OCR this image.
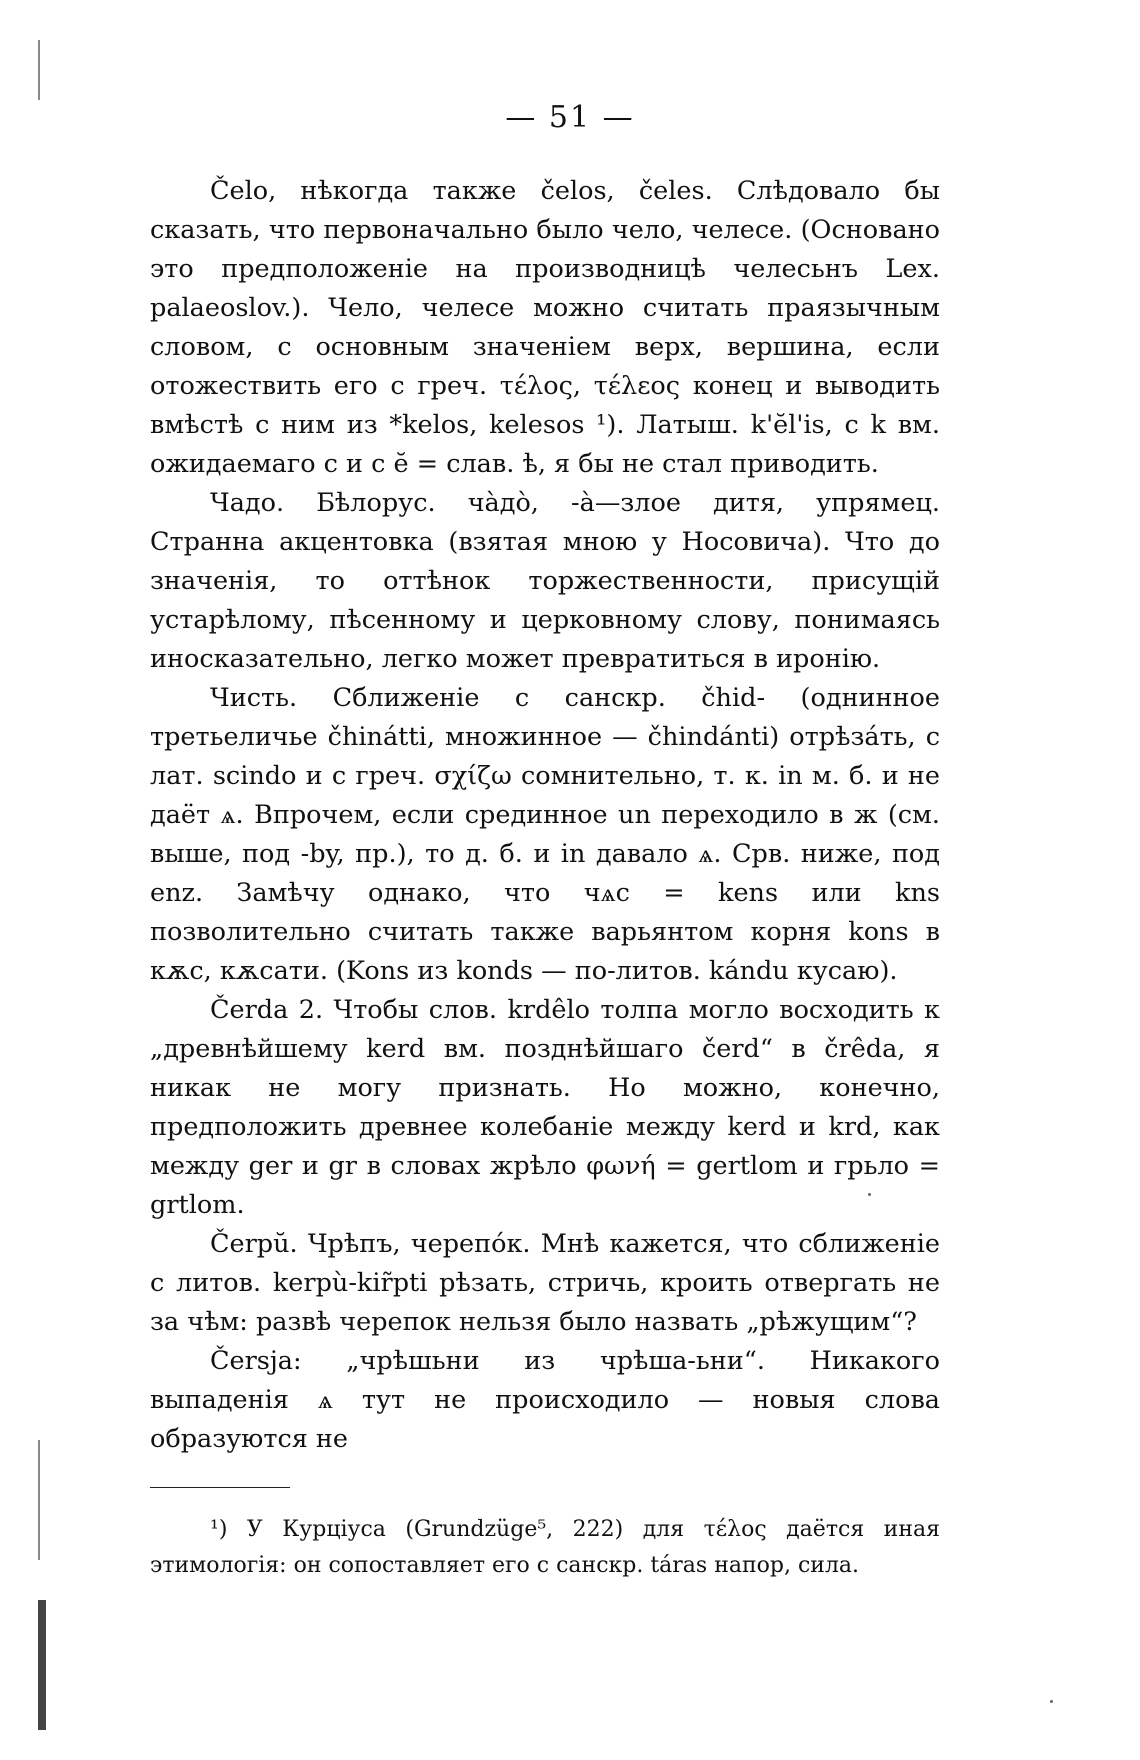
— 51 —

Čelo, нѣкогда также čelos, čeles. Слѣдовало бы сказать, что первоначально было чело, челесе. (Основано это предположеніе на производницѣ челесьнъ Lex. palaeoslov.). Чело, челесе можно считать праязычным словом, с основным значеніем верх, вершина, если отожествить его с греч. τέλος, τέλεος конец и выводить вмѣстѣ с ним из *kelos, kelesos ¹). Латыш. k'ĕl'is, с k вм. ожидаемаго c и с ĕ = слав. ѣ, я бы не стал приводить.

Чадо. Бѣлорус. ча̀до̀, -а̀—злое дитя, упрямец. Странна акцентовка (взятая мною у Носовича). Что до значенія, то оттѣнок торжественности, присущій устарѣлому, пѣсенному и церковному слову, понимаясь иносказательно, легко может превратиться в иронію.

Чисть. Сближеніе с санскр. čhid- (однинное третьеличье čhinátti, множинное — čhindánti) отрѣза́ть, с лат. scindo и с греч. σχίζω сомнительно, т. к. in м. б. и не даёт ѧ. Впрочем, если срединное un переходило в ж (см. выше, под -by, пр.), то д. б. и in давало ѧ. Срв. ниже, под enz. Замѣчу однако, что чѧс = kens или kns позволительно считать также варьянтом корня kons в кѫс, кѫсати. (Kons из konds — по-литов. kándu кусаю).

Čerda 2. Чтобы слов. krdêlo толпа могло восходить к „древнѣйшему kerd вм. позднѣйшаго čerd“ в črêda, я никак не могу признать. Но можно, конечно, предположить древнее колебаніе между kerd и krd, как между ger и gr в словах жрѣло φωνή = gertlom и грьло = grtlom.

Čerpŭ. Чрѣпъ, черепо́к. Мнѣ кажется, что сближеніе с литов. kerpù-kir̃pti рѣзать, стричь, кроить отвергать не за чѣм: развѣ черепок нельзя было назвать „рѣжущим“?

Čersja: „чрѣшьни из чрѣша-ьни“. Никакого выпаденія ѧ тут не происходило — новыя слова образуются не

¹) У Курціуса (Grundzüge⁵, 222) для τέλος даётся иная этимологія: он сопоставляет его с санскр. táras напор, сила.
